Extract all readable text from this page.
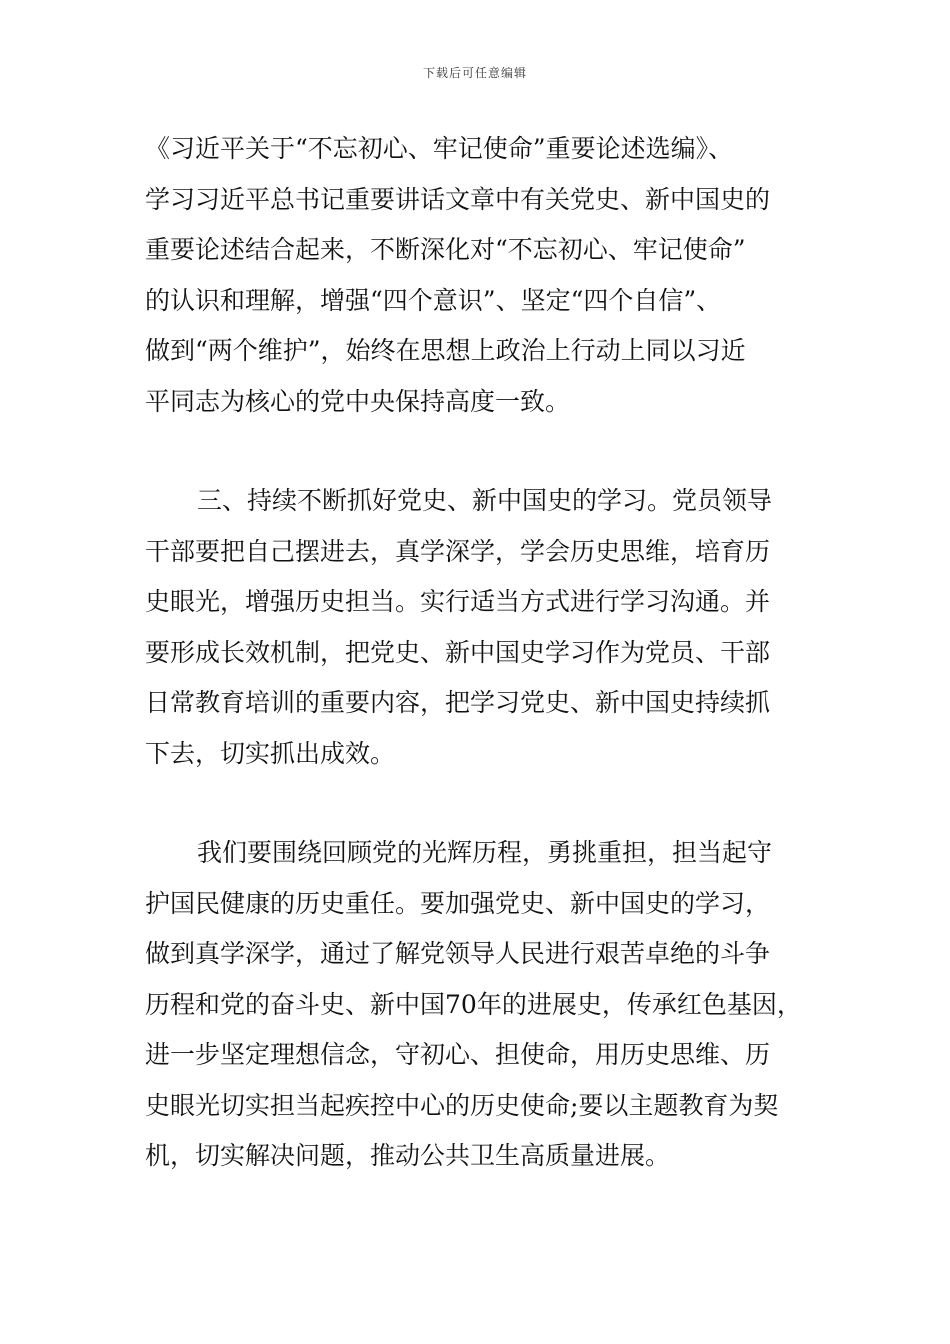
下载后可任意编辑
《习近平关于“不忘初心、牢记使命”重要论述选编》、
学习习近平总书记重要讲话文章中有关党史、新中国史的
重要论述结合起来，不断深化对“不忘初心、牢记使命”
的认识和理解，增强“四个意识”、坚定“四个自信”、
做到“两个维护”，始终在思想上政治上行动上同以习近
平同志为核心的党中央保持高度一致。
三、持续不断抓好党史、新中国史的学习。党员领导
干部要把自己摆进去，真学深学，学会历史思维，培育历
史眼光，增强历史担当。实行适当方式进行学习沟通。并
要形成长效机制，把党史、新中国史学习作为党员、干部
日常教育培训的重要内容，把学习党史、新中国史持续抓
下去，切实抓出成效。
我们要围绕回顾党的光辉历程，勇挑重担，担当起守
护国民健康的历史重任。要加强党史、新中国史的学习，
做到真学深学，通过了解党领导人民进行艰苦卓绝的斗争
历程和党的奋斗史、新中国70年的进展史，传承红色基因，
进一步坚定理想信念，守初心、担使命，用历史思维、历
史眼光切实担当起疾控中心的历史使命;要以主题教育为契
机，切实解决问题，推动公共卫生高质量进展。
